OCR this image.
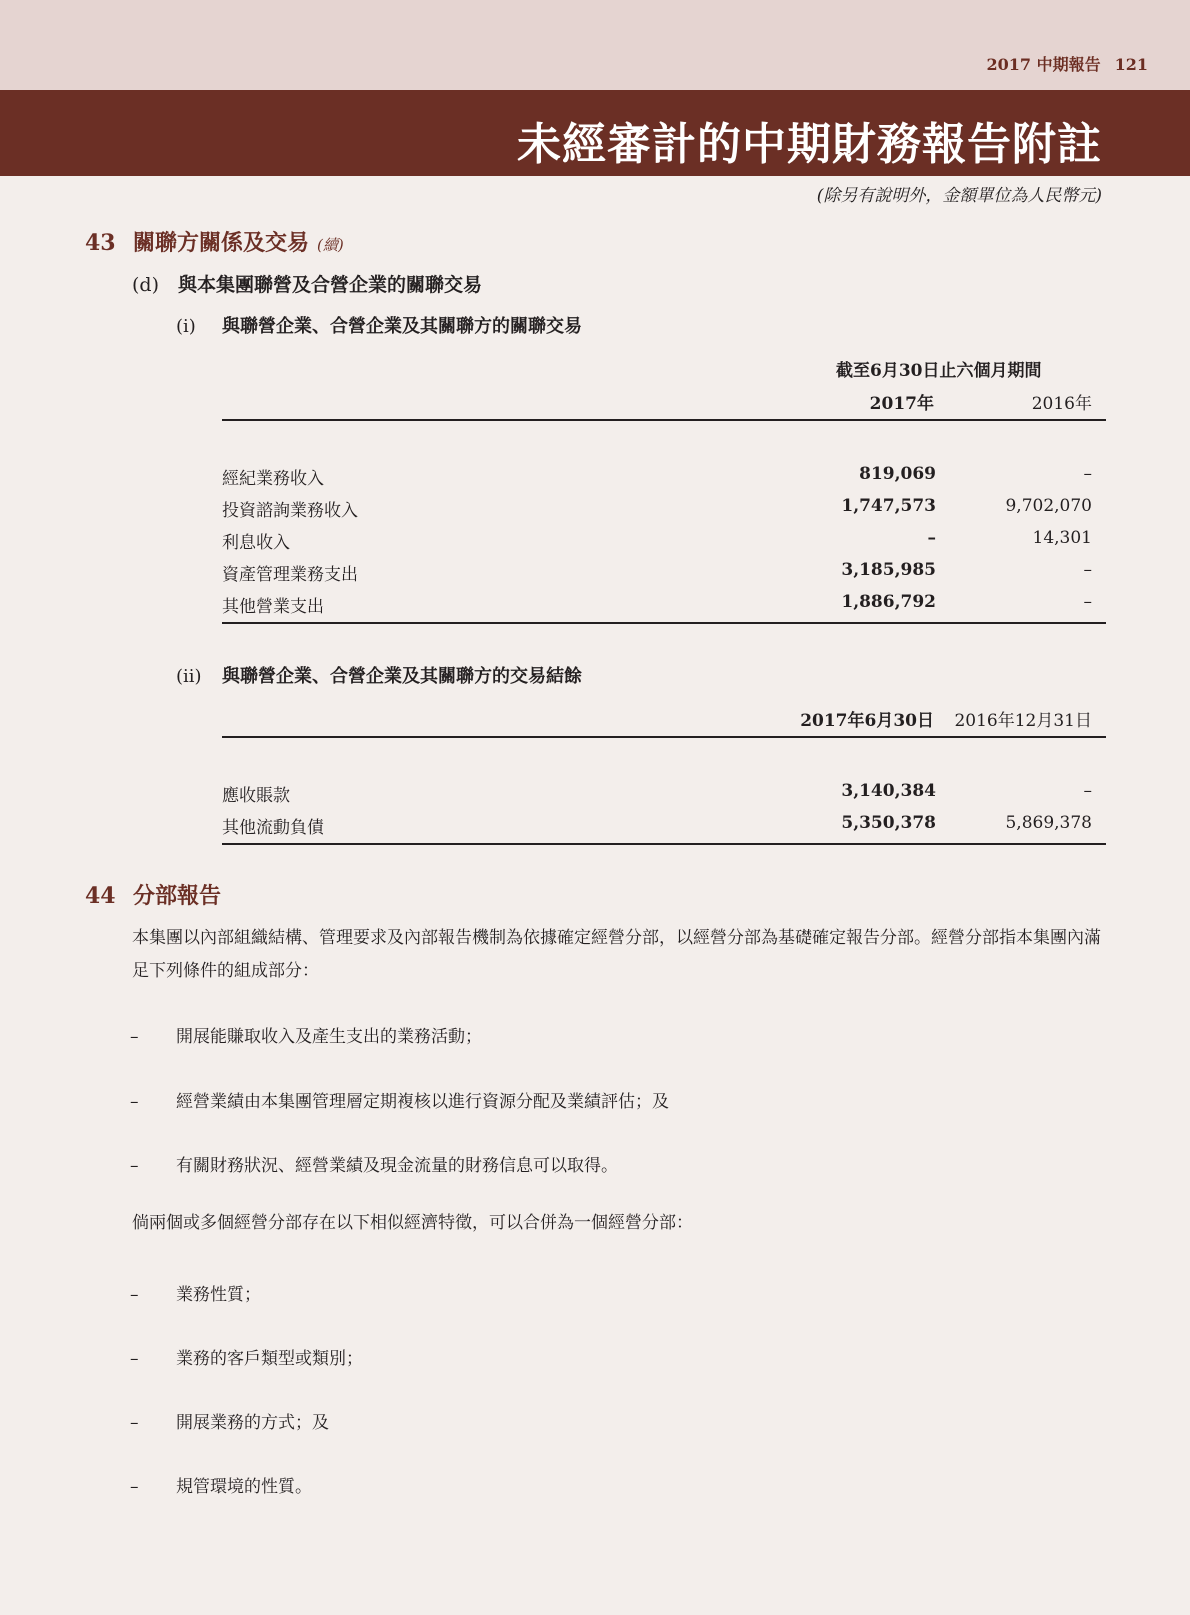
2017 中期報告 121
未經審計的中期財務報告附註
(除另有說明外，金額單位為人民幣元)
43 關聯方關係及交易 (續)
(d) 與本集團聯營及合營企業的關聯交易
(i) 與聯營企業、合營企業及其關聯方的關聯交易
截至6月30日止六個月期間
2017年	2016年
經紀業務收入	819,069	–
投資諮詢業務收入	1,747,573	9,702,070
利息收入	–	14,301
資產管理業務支出	3,185,985	–
其他營業支出	1,886,792	–
(ii) 與聯營企業、合營企業及其關聯方的交易結餘
2017年6月30日 2016年12月31日
應收賬款	3,140,384	–
其他流動負債	5,350,378	5,869,378
44 分部報告
本集團以內部組織結構、管理要求及內部報告機制為依據確定經營分部，以經營分部為基礎確定報告分部。經營分部指本集團內滿足下列條件的組成部分：
– 開展能賺取收入及產生支出的業務活動；
– 經營業績由本集團管理層定期複核以進行資源分配及業績評估；及
– 有關財務狀況、經營業績及現金流量的財務信息可以取得。
倘兩個或多個經營分部存在以下相似經濟特徵，可以合併為一個經營分部：
– 業務性質；
– 業務的客戶類型或類別；
– 開展業務的方式；及
– 規管環境的性質。
